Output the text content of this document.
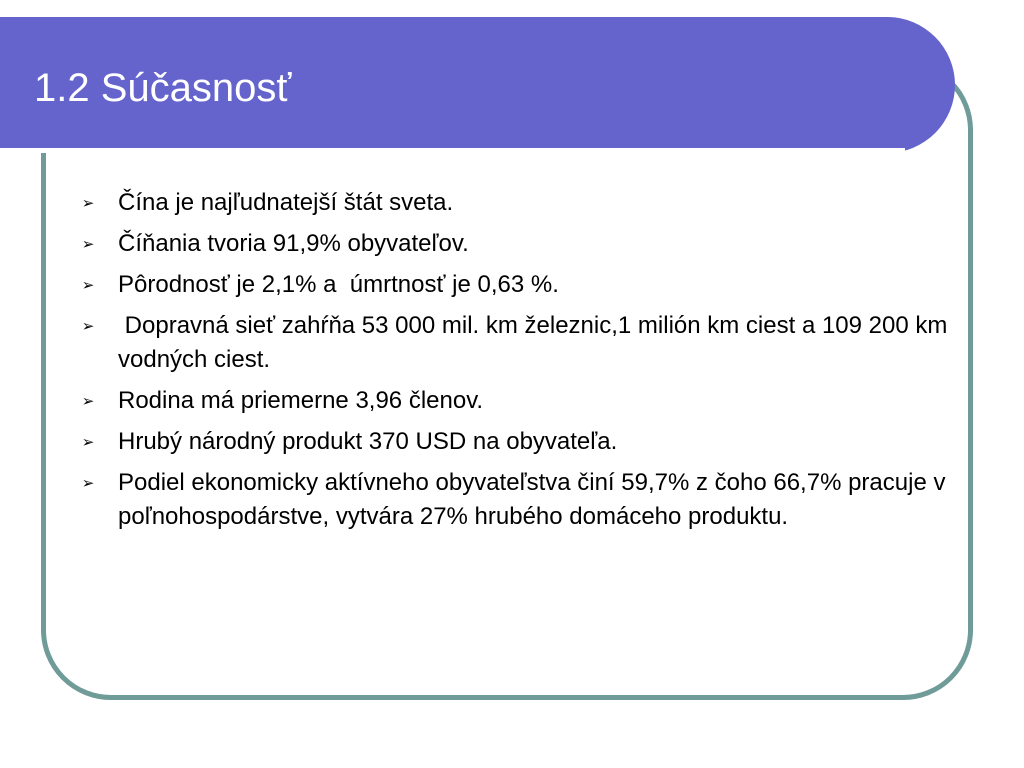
1.2 Súčasnosť
➢ Čína je najľudnatejší štát sveta.
➢ Číňania tvoria 91,9% obyvateľov.
➢ Pôrodnosť je 2,1% a  úmrtnosť je 0,63 %.
➢ Dopravná sieť zahŕňa 53 000 mil. km železnic,1 milión km ciest a 109 200 km vodných ciest.
➢ Rodina má priemerne 3,96 členov.
➢ Hrubý národný produkt 370 USD na obyvateľa.
➢ Podiel ekonomicky aktívneho obyvateľstva činí 59,7% z čoho 66,7% pracuje v poľnohospodárstve, vytvára 27% hrubého domáceho produktu.
